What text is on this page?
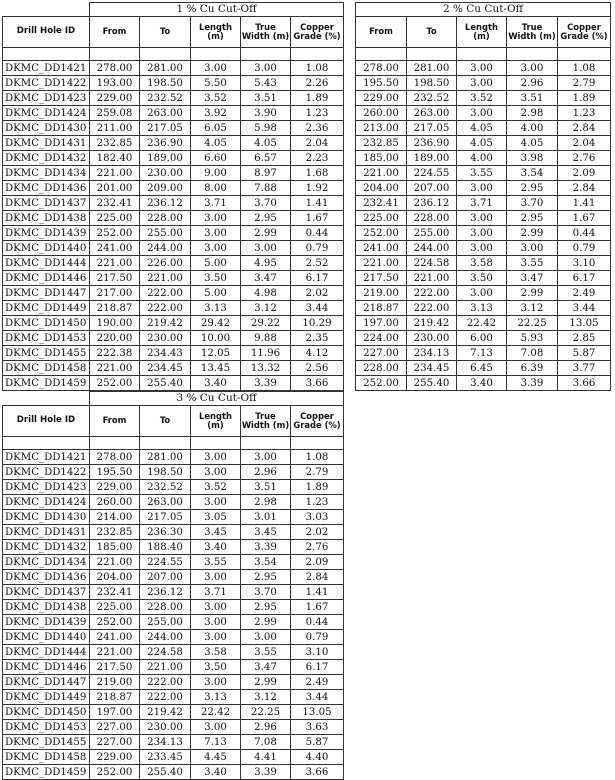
	1 % Cu Cut-Off				
Drill Hole ID	From	To	Length (m)	True Width (m)	Copper Grade (%)

DKMC_DD1421	278.00	281.00	3.00	3.00	1.08
DKMC_DD1422	193.00	198.50	5.50	5.43	2.26
DKMC_DD1423	229.00	232.52	3.52	3.51	1.89
DKMC_DD1424	259.08	263.00	3.92	3.90	1.23
DKMC_DD1430	211.00	217.05	6.05	5.98	2.36
DKMC_DD1431	232.85	236.90	4.05	4.05	2.04
DKMC_DD1432	182.40	189.00	6.60	6.57	2.23
DKMC_DD1434	221.00	230.00	9.00	8.97	1.68
DKMC_DD1436	201.00	209.00	8.00	7.88	1.92
DKMC_DD1437	232.41	236.12	3.71	3.70	1.41
DKMC_DD1438	225.00	228.00	3.00	2.95	1.67
DKMC_DD1439	252.00	255.00	3.00	2.99	0.44
DKMC_DD1440	241.00	244.00	3.00	3.00	0.79
DKMC_DD1444	221.00	226.00	5.00	4.95	2.52
DKMC_DD1446	217.50	221.00	3.50	3.47	6.17
DKMC_DD1447	217.00	222.00	5.00	4.98	2.02
DKMC_DD1449	218.87	222.00	3.13	3.12	3.44
DKMC_DD1450	190.00	219.42	29.42	29.22	10.29
DKMC_DD1453	220.00	230.00	10.00	9.88	2.35
DKMC_DD1455	222.38	234.43	12.05	11.96	4.12
DKMC_DD1458	221.00	234.45	13.45	13.32	2.56
DKMC_DD1459	252.00	255.40	3.40	3.39	3.66
2 % Cu Cut-Off				
From	To	Length (m)	True Width (m)	Copper Grade (%)

278.00	281.00	3.00	3.00	1.08
195.50	198.50	3.00	2.96	2.79
229.00	232.52	3.52	3.51	1.89
260.00	263.00	3.00	2.98	1.23
213.00	217.05	4.05	4.00	2.84
232.85	236.90	4.05	4.05	2.04
185.00	189.00	4.00	3.98	2.76
221.00	224.55	3.55	3.54	2.09
204.00	207.00	3.00	2.95	2.84
232.41	236.12	3.71	3.70	1.41
225.00	228.00	3.00	2.95	1.67
252.00	255.00	3.00	2.99	0.44
241.00	244.00	3.00	3.00	0.79
221.00	224.58	3.58	3.55	3.10
217.50	221.00	3.50	3.47	6.17
219.00	222.00	3.00	2.99	2.49
218.87	222.00	3.13	3.12	3.44
197.00	219.42	22.42	22.25	13.05
224.00	230.00	6.00	5.93	2.85
227.00	234.13	7.13	7.08	5.87
228.00	234.45	6.45	6.39	3.77
252.00	255.40	3.40	3.39	3.66
	3 % Cu Cut-Off				
Drill Hole ID	From	To	Length (m)	True Width (m)	Copper Grade (%)

DKMC_DD1421	278.00	281.00	3.00	3.00	1.08
DKMC_DD1422	195.50	198.50	3.00	2.96	2.79
DKMC_DD1423	229.00	232.52	3.52	3.51	1.89
DKMC_DD1424	260.00	263.00	3.00	2.98	1.23
DKMC_DD1430	214.00	217.05	3.05	3.01	3.03
DKMC_DD1431	232.85	236.30	3.45	3.45	2.02
DKMC_DD1432	185.00	188.40	3.40	3.39	2.76
DKMC_DD1434	221.00	224.55	3.55	3.54	2.09
DKMC_DD1436	204.00	207.00	3.00	2.95	2.84
DKMC_DD1437	232.41	236.12	3.71	3.70	1.41
DKMC_DD1438	225.00	228.00	3.00	2.95	1.67
DKMC_DD1439	252.00	255.00	3.00	2.99	0.44
DKMC_DD1440	241.00	244.00	3.00	3.00	0.79
DKMC_DD1444	221.00	224.58	3.58	3.55	3.10
DKMC_DD1446	217.50	221.00	3.50	3.47	6.17
DKMC_DD1447	219.00	222.00	3.00	2.99	2.49
DKMC_DD1449	218.87	222.00	3.13	3.12	3.44
DKMC_DD1450	197.00	219.42	22.42	22.25	13.05
DKMC_DD1453	227.00	230.00	3.00	2.96	3.63
DKMC_DD1455	227.00	234.13	7.13	7.08	5.87
DKMC_DD1458	229.00	233.45	4.45	4.41	4.40
DKMC_DD1459	252.00	255.40	3.40	3.39	3.66
